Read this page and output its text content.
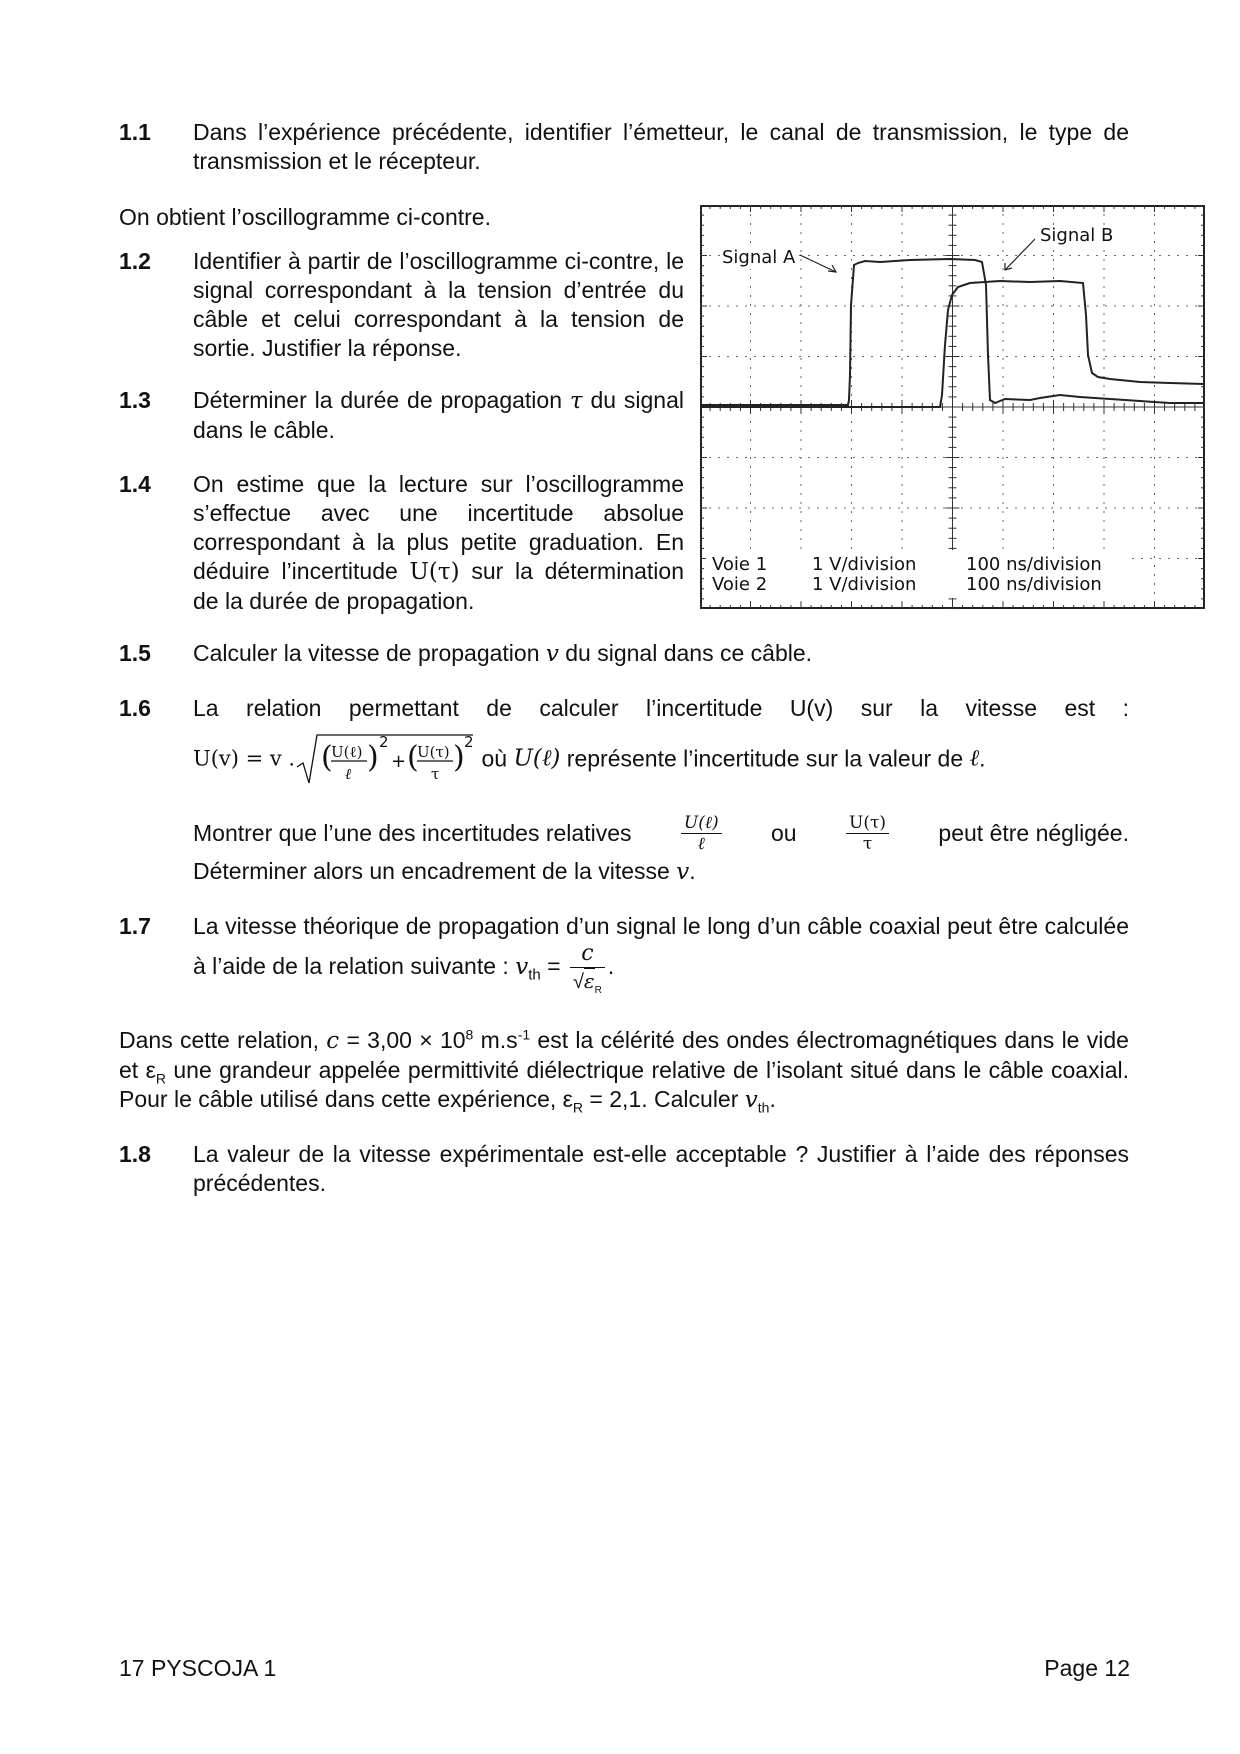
1.1 Dans l’expérience précédente, identifier l’émetteur, le canal de transmission, le type de transmission et le récepteur.
On obtient l’oscillogramme ci-contre.
1.2 Identifier à partir de l’oscillogramme ci-contre, le signal correspondant à la tension d’entrée du câble et celui correspondant à la tension de sortie. Justifier la réponse.
1.3 Déterminer la durée de propagation τ du signal dans le câble.
1.4 On estime que la lecture sur l’oscillogramme s’effectue avec une incertitude absolue correspondant à la plus petite graduation. En déduire l’incertitude U(τ) sur la détermination de la durée de propagation.
Signal A
Signal B
Voie 1
Voie 2
1 V/division
1 V/division
100 ns/division
100 ns/division
1.5 Calculer la vitesse de propagation v du signal dans ce câble.
1.6 La relation permettant de calculer l’incertitude U(v) sur la vitesse est :
U(v) = v . (
U(ℓ)
ℓ ) 2
+ (
U(τ)
τ ) 2
où U(ℓ) représente l’incertitude sur la valeur de ℓ.
Montrer que l’une des incertitudes relatives	$\frac{\text{U(ℓ)}}{\text{ℓ}}$ ou	$\frac{U(\tau)}{\tau}$ peut être négligée.
Déterminer alors un encadrement de la vitesse v.
1.7 La vitesse théorique de propagation d’un signal le long d’un câble coaxial peut être calculée à l’aide de la relation suivante : $v_{th} = \frac{c}{√\varepsilon_R}$ .
Dans cette relation, $c = 3,00 \times 10^8$ $m.s^{-1}$ est la célérité des ondes électromagnétiques dans le vide et $\varepsilon_R$ une grandeur appelée permittivité diélectrique relative de l’isolant situé dans le câble coaxial. Pour le câble utilisé dans cette expérience, $\varepsilon_R = 2,1$. Calculer $v_{th}$.
1.8 La valeur de la vitesse expérimentale est-elle acceptable ? Justifier à l’aide des réponses précédentes.
17 PYSCOJA 1	Page 12
